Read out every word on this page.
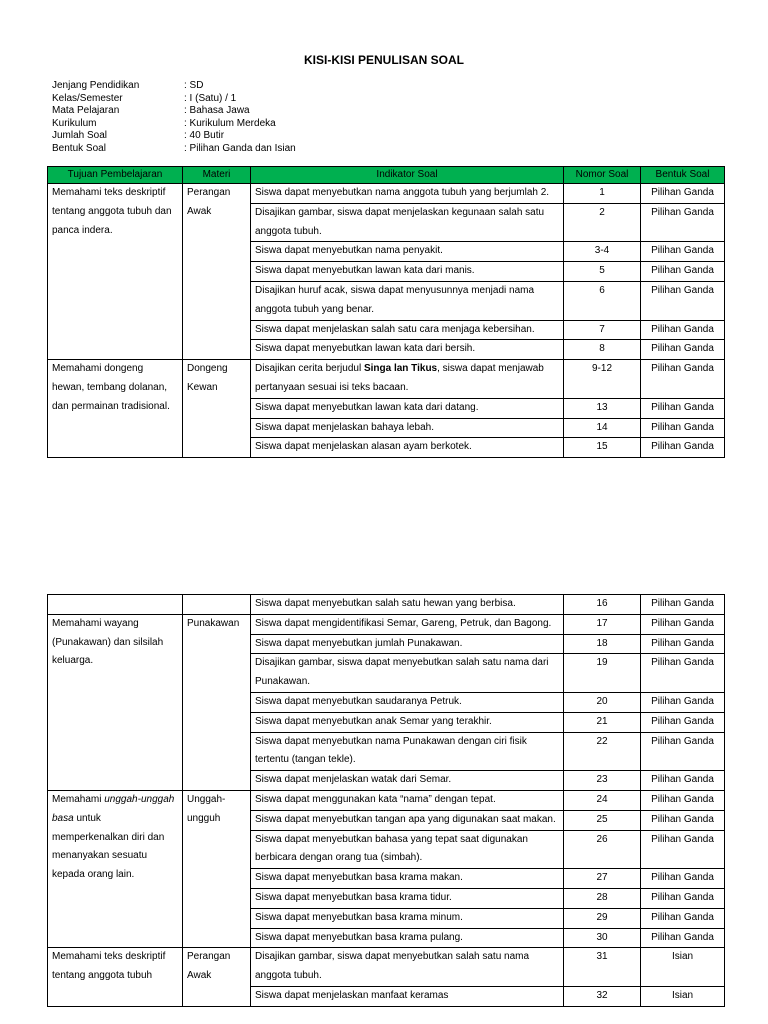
KISI-KISI PENULISAN SOAL
Jenjang Pendidikan	: SD
Kelas/Semester	: I (Satu) / 1
Mata Pelajaran	: Bahasa Jawa
Kurikulum	: Kurikulum Merdeka
Jumlah Soal	: 40 Butir
Bentuk Soal	: Pilihan Ganda dan Isian
Tujuan Pembelajaran	Materi	Indikator Soal	Nomor Soal	Bentuk Soal
Memahami teks deskriptif tentang anggota tubuh dan panca indera.	Perangan Awak	Siswa dapat menyebutkan nama anggota tubuh yang berjumlah 2.	1	Pilihan Ganda
		Disajikan gambar, siswa dapat menjelaskan kegunaan salah satu anggota tubuh.	2	Pilihan Ganda
		Siswa dapat menyebutkan nama penyakit.	3-4	Pilihan Ganda
		Siswa dapat menyebutkan lawan kata dari manis.	5	Pilihan Ganda
		Disajikan huruf acak, siswa dapat menyusunnya menjadi nama anggota tubuh yang benar.	6	Pilihan Ganda
		Siswa dapat menjelaskan salah satu cara menjaga kebersihan.	7	Pilihan Ganda
		Siswa dapat menyebutkan lawan kata dari bersih.	8	Pilihan Ganda
Memahami dongeng hewan, tembang dolanan, dan permainan tradisional.	Dongeng Kewan	Disajikan cerita berjudul Singa lan Tikus, siswa dapat menjawab pertanyaan sesuai isi teks bacaan.	9-12	Pilihan Ganda
		Siswa dapat menyebutkan lawan kata dari datang.	13	Pilihan Ganda
		Siswa dapat menjelaskan bahaya lebah.	14	Pilihan Ganda
		Siswa dapat menjelaskan alasan ayam berkotek.	15	Pilihan Ganda
		Siswa dapat menyebutkan salah satu hewan yang berbisa.	16	Pilihan Ganda
Memahami wayang (Punakawan) dan silsilah keluarga.	Punakawan	Siswa dapat mengidentifikasi Semar, Gareng, Petruk, dan Bagong.	17	Pilihan Ganda
		Siswa dapat menyebutkan jumlah Punakawan.	18	Pilihan Ganda
		Disajikan gambar, siswa dapat menyebutkan salah satu nama dari Punakawan.	19	Pilihan Ganda
		Siswa dapat menyebutkan saudaranya Petruk.	20	Pilihan Ganda
		Siswa dapat menyebutkan anak Semar yang terakhir.	21	Pilihan Ganda
		Siswa dapat menyebutkan nama Punakawan dengan ciri fisik tertentu (tangan tekle).	22	Pilihan Ganda
		Siswa dapat menjelaskan watak dari Semar.	23	Pilihan Ganda
Memahami unggah-unggah basa untuk memperkenalkan diri dan menanyakan sesuatu kepada orang lain.	Unggah-ungguh	Siswa dapat menggunakan kata “nama” dengan tepat.	24	Pilihan Ganda
		Siswa dapat menyebutkan tangan apa yang digunakan saat makan.	25	Pilihan Ganda
		Siswa dapat menyebutkan bahasa yang tepat saat digunakan berbicara dengan orang tua (simbah).	26	Pilihan Ganda
		Siswa dapat menyebutkan basa krama makan.	27	Pilihan Ganda
		Siswa dapat menyebutkan basa krama tidur.	28	Pilihan Ganda
		Siswa dapat menyebutkan basa krama minum.	29	Pilihan Ganda
		Siswa dapat menyebutkan basa krama pulang.	30	Pilihan Ganda
Memahami teks deskriptif tentang anggota tubuh	Perangan Awak	Disajikan gambar, siswa dapat menyebutkan salah satu nama anggota tubuh.	31	Isian
		Siswa dapat menjelaskan manfaat keramas	32	Isian
